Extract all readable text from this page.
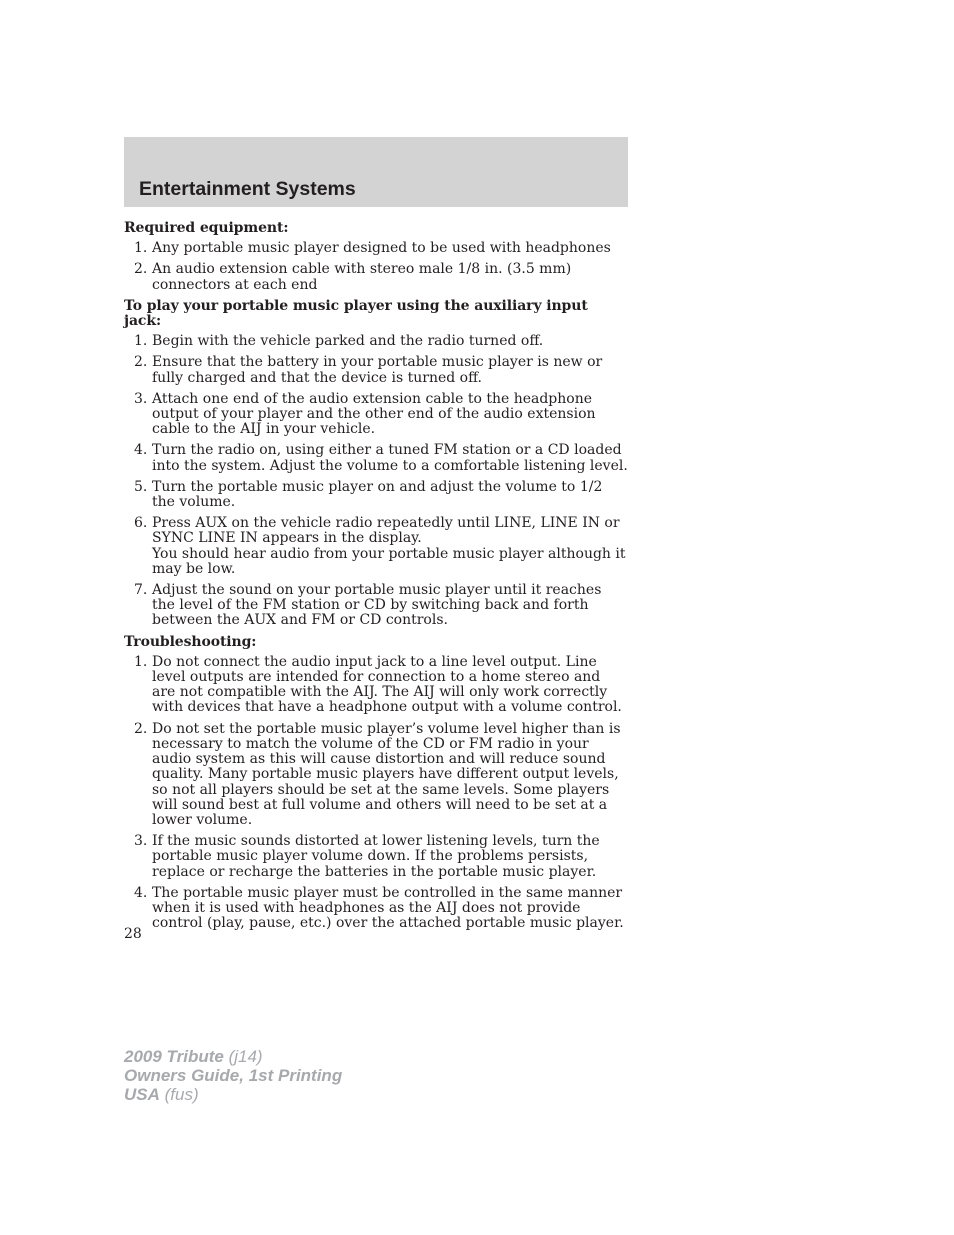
Entertainment Systems
Required equipment:
1. Any portable music player designed to be used with headphones
2. An audio extension cable with stereo male 1/8 in. (3.5 mm) connectors at each end
To play your portable music player using the auxiliary input jack:
1. Begin with the vehicle parked and the radio turned off.
2. Ensure that the battery in your portable music player is new or fully charged and that the device is turned off.
3. Attach one end of the audio extension cable to the headphone output of your player and the other end of the audio extension cable to the AIJ in your vehicle.
4. Turn the radio on, using either a tuned FM station or a CD loaded into the system. Adjust the volume to a comfortable listening level.
5. Turn the portable music player on and adjust the volume to 1/2 the volume.
6. Press AUX on the vehicle radio repeatedly until LINE, LINE IN or SYNC LINE IN appears in the display.
You should hear audio from your portable music player although it may be low.
7. Adjust the sound on your portable music player until it reaches the level of the FM station or CD by switching back and forth between the AUX and FM or CD controls.
Troubleshooting:
1. Do not connect the audio input jack to a line level output. Line level outputs are intended for connection to a home stereo and are not compatible with the AIJ. The AIJ will only work correctly with devices that have a headphone output with a volume control.
2. Do not set the portable music player’s volume level higher than is necessary to match the volume of the CD or FM radio in your audio system as this will cause distortion and will reduce sound quality. Many portable music players have different output levels, so not all players should be set at the same levels. Some players will sound best at full volume and others will need to be set at a lower volume.
3. If the music sounds distorted at lower listening levels, turn the portable music player volume down. If the problems persists, replace or recharge the batteries in the portable music player.
4. The portable music player must be controlled in the same manner when it is used with headphones as the AIJ does not provide control (play, pause, etc.) over the attached portable music player.
28
2009 Tribute (j14)
Owners Guide, 1st Printing
USA (fus)
